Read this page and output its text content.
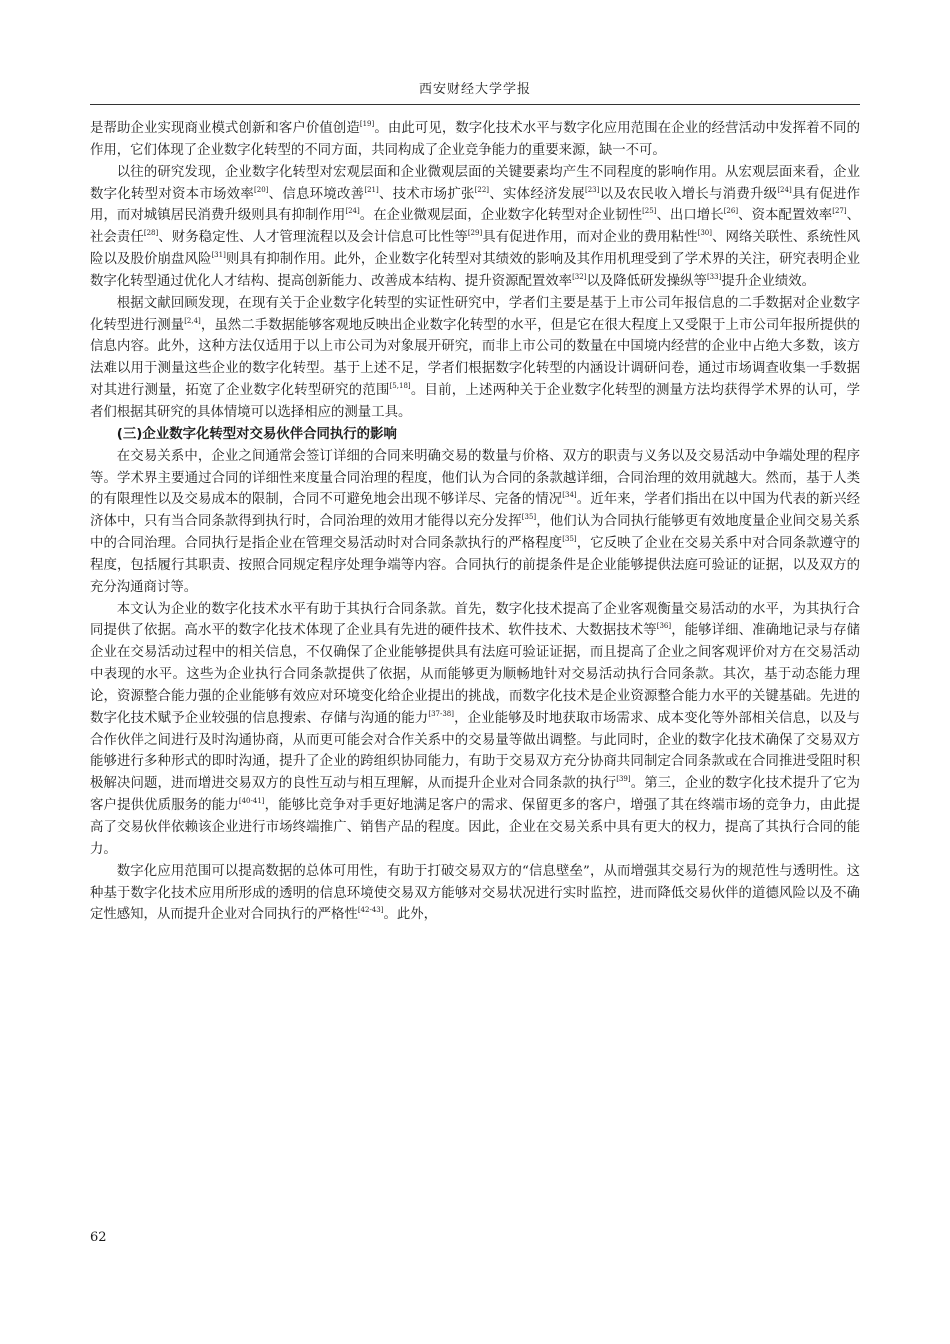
西安财经大学学报

是帮助企业实现商业模式创新和客户价值创造[19]。由此可见，数字化技术水平与数字化应用范围在企业的经营活动中发挥着不同的作用，它们体现了企业数字化转型的不同方面，共同构成了企业竞争能力的重要来源，缺一不可。

以往的研究发现，企业数字化转型对宏观层面和企业微观层面的关键要素均产生不同程度的影响作用。从宏观层面来看，企业数字化转型对资本市场效率[20]、信息环境改善[21]、技术市场扩张[22]、实体经济发展[23]以及农民收入增长与消费升级[24]具有促进作用，而对城镇居民消费升级则具有抑制作用[24]。在企业微观层面，企业数字化转型对企业韧性[25]、出口增长[26]、资本配置效率[27]、社会责任[28]、财务稳定性、人才管理流程以及会计信息可比性等[29]具有促进作用，而对企业的费用粘性[30]、网络关联性、系统性风险以及股价崩盘风险[31]则具有抑制作用。此外，企业数字化转型对其绩效的影响及其作用机理受到了学术界的关注，研究表明企业数字化转型通过优化人才结构、提高创新能力、改善成本结构、提升资源配置效率[32]以及降低研发操纵等[33]提升企业绩效。

根据文献回顾发现，在现有关于企业数字化转型的实证性研究中，学者们主要是基于上市公司年报信息的二手数据对企业数字化转型进行测量[2,4]，虽然二手数据能够客观地反映出企业数字化转型的水平，但是它在很大程度上又受限于上市公司年报所提供的信息内容。此外，这种方法仅适用于以上市公司为对象展开研究，而非上市公司的数量在中国境内经营的企业中占绝大多数，该方法难以用于测量这些企业的数字化转型。基于上述不足，学者们根据数字化转型的内涵设计调研问卷，通过市场调查收集一手数据对其进行测量，拓宽了企业数字化转型研究的范围[5,18]。目前，上述两种关于企业数字化转型的测量方法均获得学术界的认可，学者们根据其研究的具体情境可以选择相应的测量工具。

(三)企业数字化转型对交易伙伴合同执行的影响

在交易关系中，企业之间通常会签订详细的合同来明确交易的数量与价格、双方的职责与义务以及交易活动中争端处理的程序等。学术界主要通过合同的详细性来度量合同治理的程度，他们认为合同的条款越详细，合同治理的效用就越大。然而，基于人类的有限理性以及交易成本的限制，合同不可避免地会出现不够详尽、完备的情况[34]。近年来，学者们指出在以中国为代表的新兴经济体中，只有当合同条款得到执行时，合同治理的效用才能得以充分发挥[35]，他们认为合同执行能够更有效地度量企业间交易关系中的合同治理。合同执行是指企业在管理交易活动时对合同条款执行的严格程度[35]，它反映了企业在交易关系中对合同条款遵守的程度，包括履行其职责、按照合同规定程序处理争端等内容。合同执行的前提条件是企业能够提供法庭可验证的证据，以及双方的充分沟通商讨等。

本文认为企业的数字化技术水平有助于其执行合同条款。首先，数字化技术提高了企业客观衡量交易活动的水平，为其执行合同提供了依据。高水平的数字化技术体现了企业具有先进的硬件技术、软件技术、大数据技术等[36]，能够详细、准确地记录与存储企业在交易活动过程中的相关信息，不仅确保了企业能够提供具有法庭可验证证据，而且提高了企业之间客观评价对方在交易活动中表现的水平。这些为企业执行合同条款提供了依据，从而能够更为顺畅地针对交易活动执行合同条款。其次，基于动态能力理论，资源整合能力强的企业能够有效应对环境变化给企业提出的挑战，而数字化技术是企业资源整合能力水平的关键基础。先进的数字化技术赋予企业较强的信息搜索、存储与沟通的能力[37-38]，企业能够及时地获取市场需求、成本变化等外部相关信息，以及与合作伙伴之间进行及时沟通协商，从而更可能会对合作关系中的交易量等做出调整。与此同时，企业的数字化技术确保了交易双方能够进行多种形式的即时沟通，提升了企业的跨组织协同能力，有助于交易双方充分协商共同制定合同条款或在合同推进受阻时积极解决问题，进而增进交易双方的良性互动与相互理解，从而提升企业对合同条款的执行[39]。第三，企业的数字化技术提升了它为客户提供优质服务的能力[40-41]，能够比竞争对手更好地满足客户的需求、保留更多的客户，增强了其在终端市场的竞争力，由此提高了交易伙伴依赖该企业进行市场终端推广、销售产品的程度。因此，企业在交易关系中具有更大的权力，提高了其执行合同的能力。

数字化应用范围可以提高数据的总体可用性，有助于打破交易双方的“信息壁垒”，从而增强其交易行为的规范性与透明性。这种基于数字化技术应用所形成的透明的信息环境使交易双方能够对交易状况进行实时监控，进而降低交易伙伴的道德风险以及不确定性感知，从而提升企业对合同执行的严格性[42-43]。此外，

62
